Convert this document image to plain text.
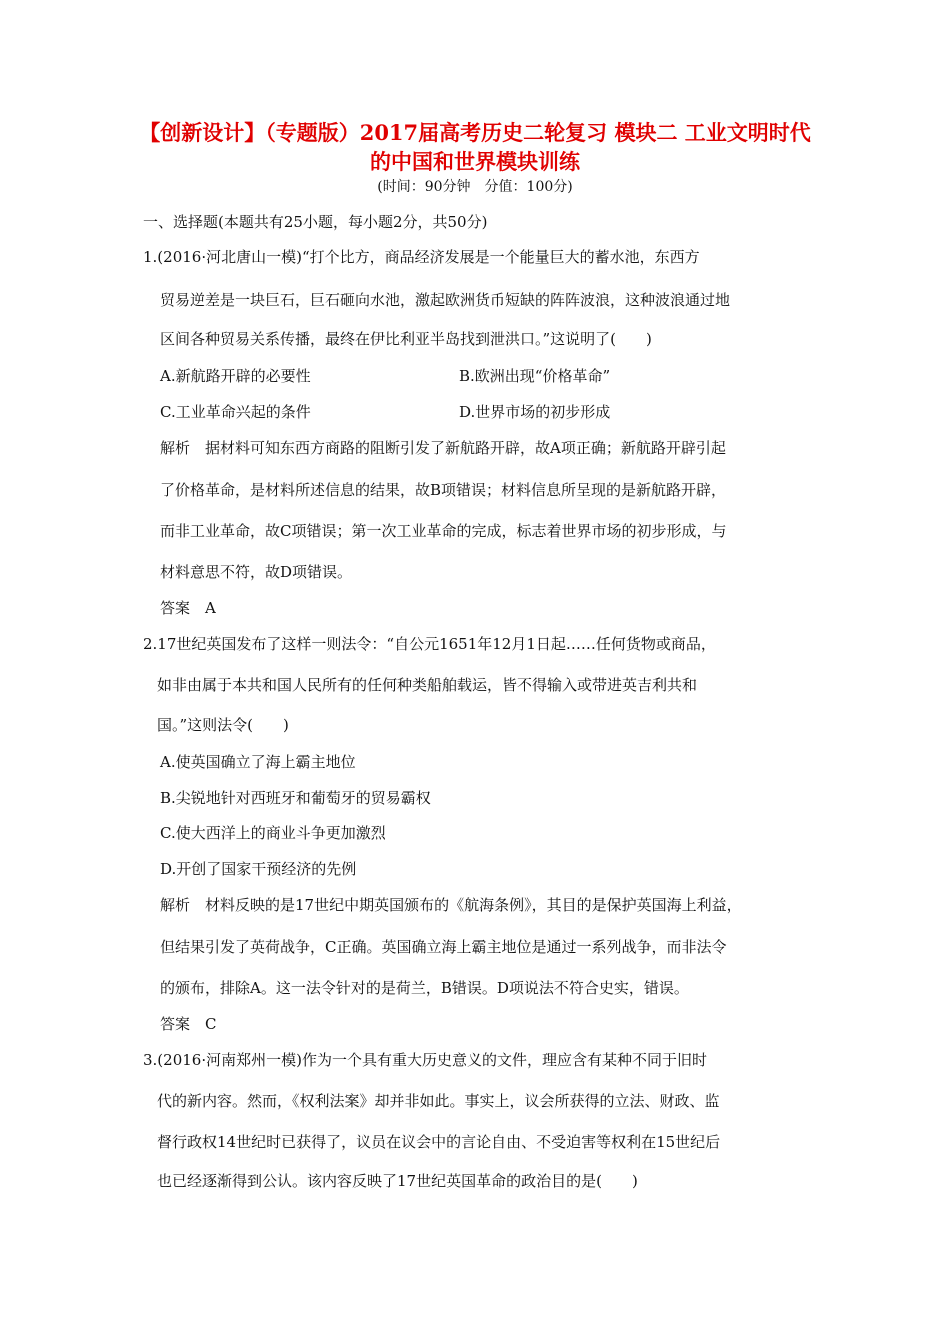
【创新设计】（专题版）2017届高考历史二轮复习 模块二 工业文明时代的中国和世界模块训练
(时间：90分钟　分值：100分)
一、选择题(本题共有25小题，每小题2分，共50分)
1.(2016·河北唐山一模)“打个比方，商品经济发展是一个能量巨大的蓄水池，东西方
贸易逆差是一块巨石，巨石砸向水池，激起欧洲货币短缺的阵阵波浪，这种波浪通过地
区间各种贸易关系传播，最终在伊比利亚半岛找到泄洪口。”这说明了(　　)
A.新航路开辟的必要性	B.欧洲出现“价格革命”
C.工业革命兴起的条件	D.世界市场的初步形成
解析　据材料可知东西方商路的阻断引发了新航路开辟，故A项正确；新航路开辟引起
了价格革命，是材料所述信息的结果，故B项错误；材料信息所呈现的是新航路开辟，
而非工业革命，故C项错误；第一次工业革命的完成，标志着世界市场的初步形成，与
材料意思不符，故D项错误。
答案　A
2.17世纪英国发布了这样一则法令：“自公元1651年12月1日起……任何货物或商品，
如非由属于本共和国人民所有的任何种类船舶载运，皆不得输入或带进英吉利共和
国。”这则法令(　　)
A.使英国确立了海上霸主地位
B.尖锐地针对西班牙和葡萄牙的贸易霸权
C.使大西洋上的商业斗争更加激烈
D.开创了国家干预经济的先例
解析　材料反映的是17世纪中期英国颁布的《航海条例》，其目的是保护英国海上利益，
但结果引发了英荷战争，C正确。英国确立海上霸主地位是通过一系列战争，而非法令
的颁布，排除A。这一法令针对的是荷兰，B错误。D项说法不符合史实，错误。
答案　C
3.(2016·河南郑州一模)作为一个具有重大历史意义的文件，理应含有某种不同于旧时
代的新内容。然而，《权利法案》却并非如此。事实上，议会所获得的立法、财政、监
督行政权14世纪时已获得了，议员在议会中的言论自由、不受迫害等权利在15世纪后
也已经逐渐得到公认。该内容反映了17世纪英国革命的政治目的是(　　)
